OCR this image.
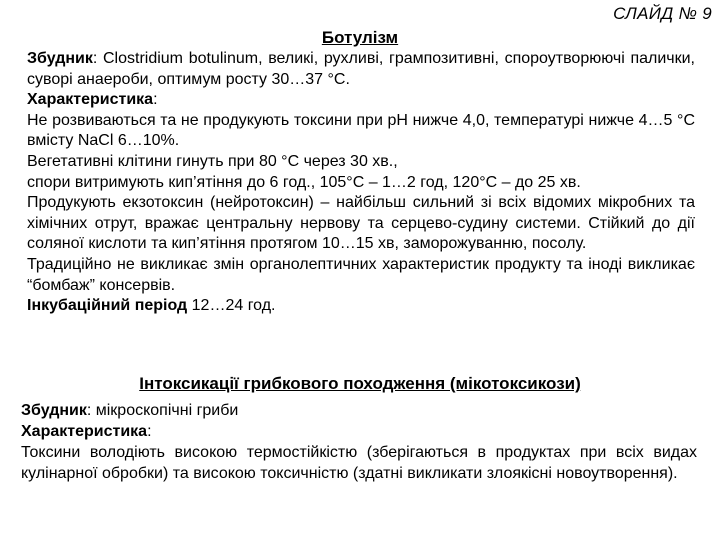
СЛАЙД № 9
Ботулізм

Збудник: Clostridium botulinum, великі, рухливі, грампозитивні, спороутворюючі палички, суворі анаероби, оптимум росту 30…37 °С.

Характеристика:

Не розвиваються та не продукують токсини при рН нижче 4,0, температурі нижче 4…5 °С вмісту NaCl 6…10%.

Вегетативні клітини гинуть при 80 °С через 30 хв.,

спори витримують кип’ятіння до 6 год., 105°С – 1…2 год, 120°С – до 25 хв.

Продукують екзотоксин (нейротоксин) – найбільш сильний зі всіх відомих мікробних та хімічних отрут, вражає центральну нервову та серцево-судину системи. Стійкий до дії соляної кислоти та кип’ятіння протягом 10…15 хв, заморожуванню, посолу.

Традиційно не викликає змін органолептичних характеристик продукту та іноді викликає “бомбаж” консервів.

Інкубаційний період 12…24 год.

Інтоксикації грибкового походження (мікотоксикози)

Збудник: мікроскопічні гриби

Характеристика:

Токсини володіють високою термостійкістю (зберігаються в продуктах при всіх видах кулінарної обробки) та високою токсичністю (здатні викликати злоякісні новоутворення).
